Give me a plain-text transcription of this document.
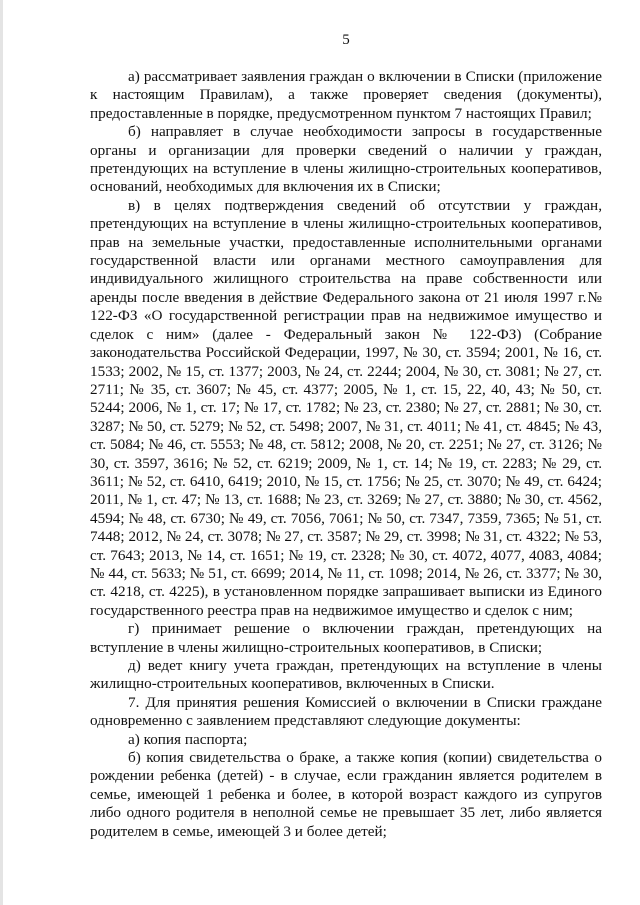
5

а) рассматривает заявления граждан о включении в Списки (приложение к настоящим Правилам), а также проверяет сведения (документы), предоставленные в порядке, предусмотренном пунктом 7 настоящих Правил;

б) направляет в случае необходимости запросы в государственные органы и организации для проверки сведений о наличии у граждан, претендующих на вступление в члены жилищно-строительных кооперативов, оснований, необходимых для включения их в Списки;

в) в целях подтверждения сведений об отсутствии у граждан, претендующих на вступление в члены жилищно-строительных кооперативов, прав на земельные участки, предоставленные исполнительными органами государственной власти или органами местного самоуправления для индивидуального жилищного строительства на праве собственности или аренды после введения в действие Федерального закона от 21 июля 1997 г.№ 122-ФЗ «О государственной регистрации прав на недвижимое имущество и сделок с ним» (далее - Федеральный закон № 122-ФЗ) (Собрание законодательства Российской Федерации, 1997, № 30, ст. 3594; 2001, № 16, ст. 1533; 2002, № 15, ст. 1377; 2003, № 24, ст. 2244; 2004, № 30, ст. 3081; № 27, ст. 2711; № 35, ст. 3607; № 45, ст. 4377; 2005, № 1, ст. 15, 22, 40, 43; № 50, ст. 5244; 2006, № 1, ст. 17; № 17, ст. 1782; № 23, ст. 2380; № 27, ст. 2881; № 30, ст. 3287; № 50, ст. 5279; № 52, ст. 5498; 2007, № 31, ст. 4011; № 41, ст. 4845; № 43, ст. 5084; № 46, ст. 5553; № 48, ст. 5812; 2008, № 20, ст. 2251; № 27, ст. 3126; № 30, ст. 3597, 3616; № 52, ст. 6219; 2009, № 1, ст. 14; № 19, ст. 2283; № 29, ст. 3611; № 52, ст. 6410, 6419; 2010, № 15, ст. 1756; № 25, ст. 3070; № 49, ст. 6424; 2011, № 1, ст. 47; № 13, ст. 1688; № 23, ст. 3269; № 27, ст. 3880; № 30, ст. 4562, 4594; № 48, ст. 6730; № 49, ст. 7056, 7061; № 50, ст. 7347, 7359, 7365; № 51, ст. 7448; 2012, № 24, ст. 3078; № 27, ст. 3587; № 29, ст. 3998; № 31, ст. 4322; № 53, ст. 7643; 2013, № 14, ст. 1651; № 19, ст. 2328; № 30, ст. 4072, 4077, 4083, 4084; № 44, ст. 5633; № 51, ст. 6699; 2014, № 11, ст. 1098; 2014, № 26, ст. 3377; № 30, ст. 4218, ст. 4225), в установленном порядке запрашивает выписки из Единого государственного реестра прав на недвижимое имущество и сделок с ним;

г) принимает решение о включении граждан, претендующих на вступление в члены жилищно-строительных кооперативов, в Списки;

д) ведет книгу учета граждан, претендующих на вступление в члены жилищно-строительных кооперативов, включенных в Списки.

7. Для принятия решения Комиссией о включении в Списки граждане одновременно с заявлением представляют следующие документы:

а) копия паспорта;

б) копия свидетельства о браке, а также копия (копии) свидетельства о рождении ребенка (детей) - в случае, если гражданин является родителем в семье, имеющей 1 ребенка и более, в которой возраст каждого из супругов либо одного родителя в неполной семье не превышает 35 лет, либо является родителем в семье, имеющей 3 и более детей;
